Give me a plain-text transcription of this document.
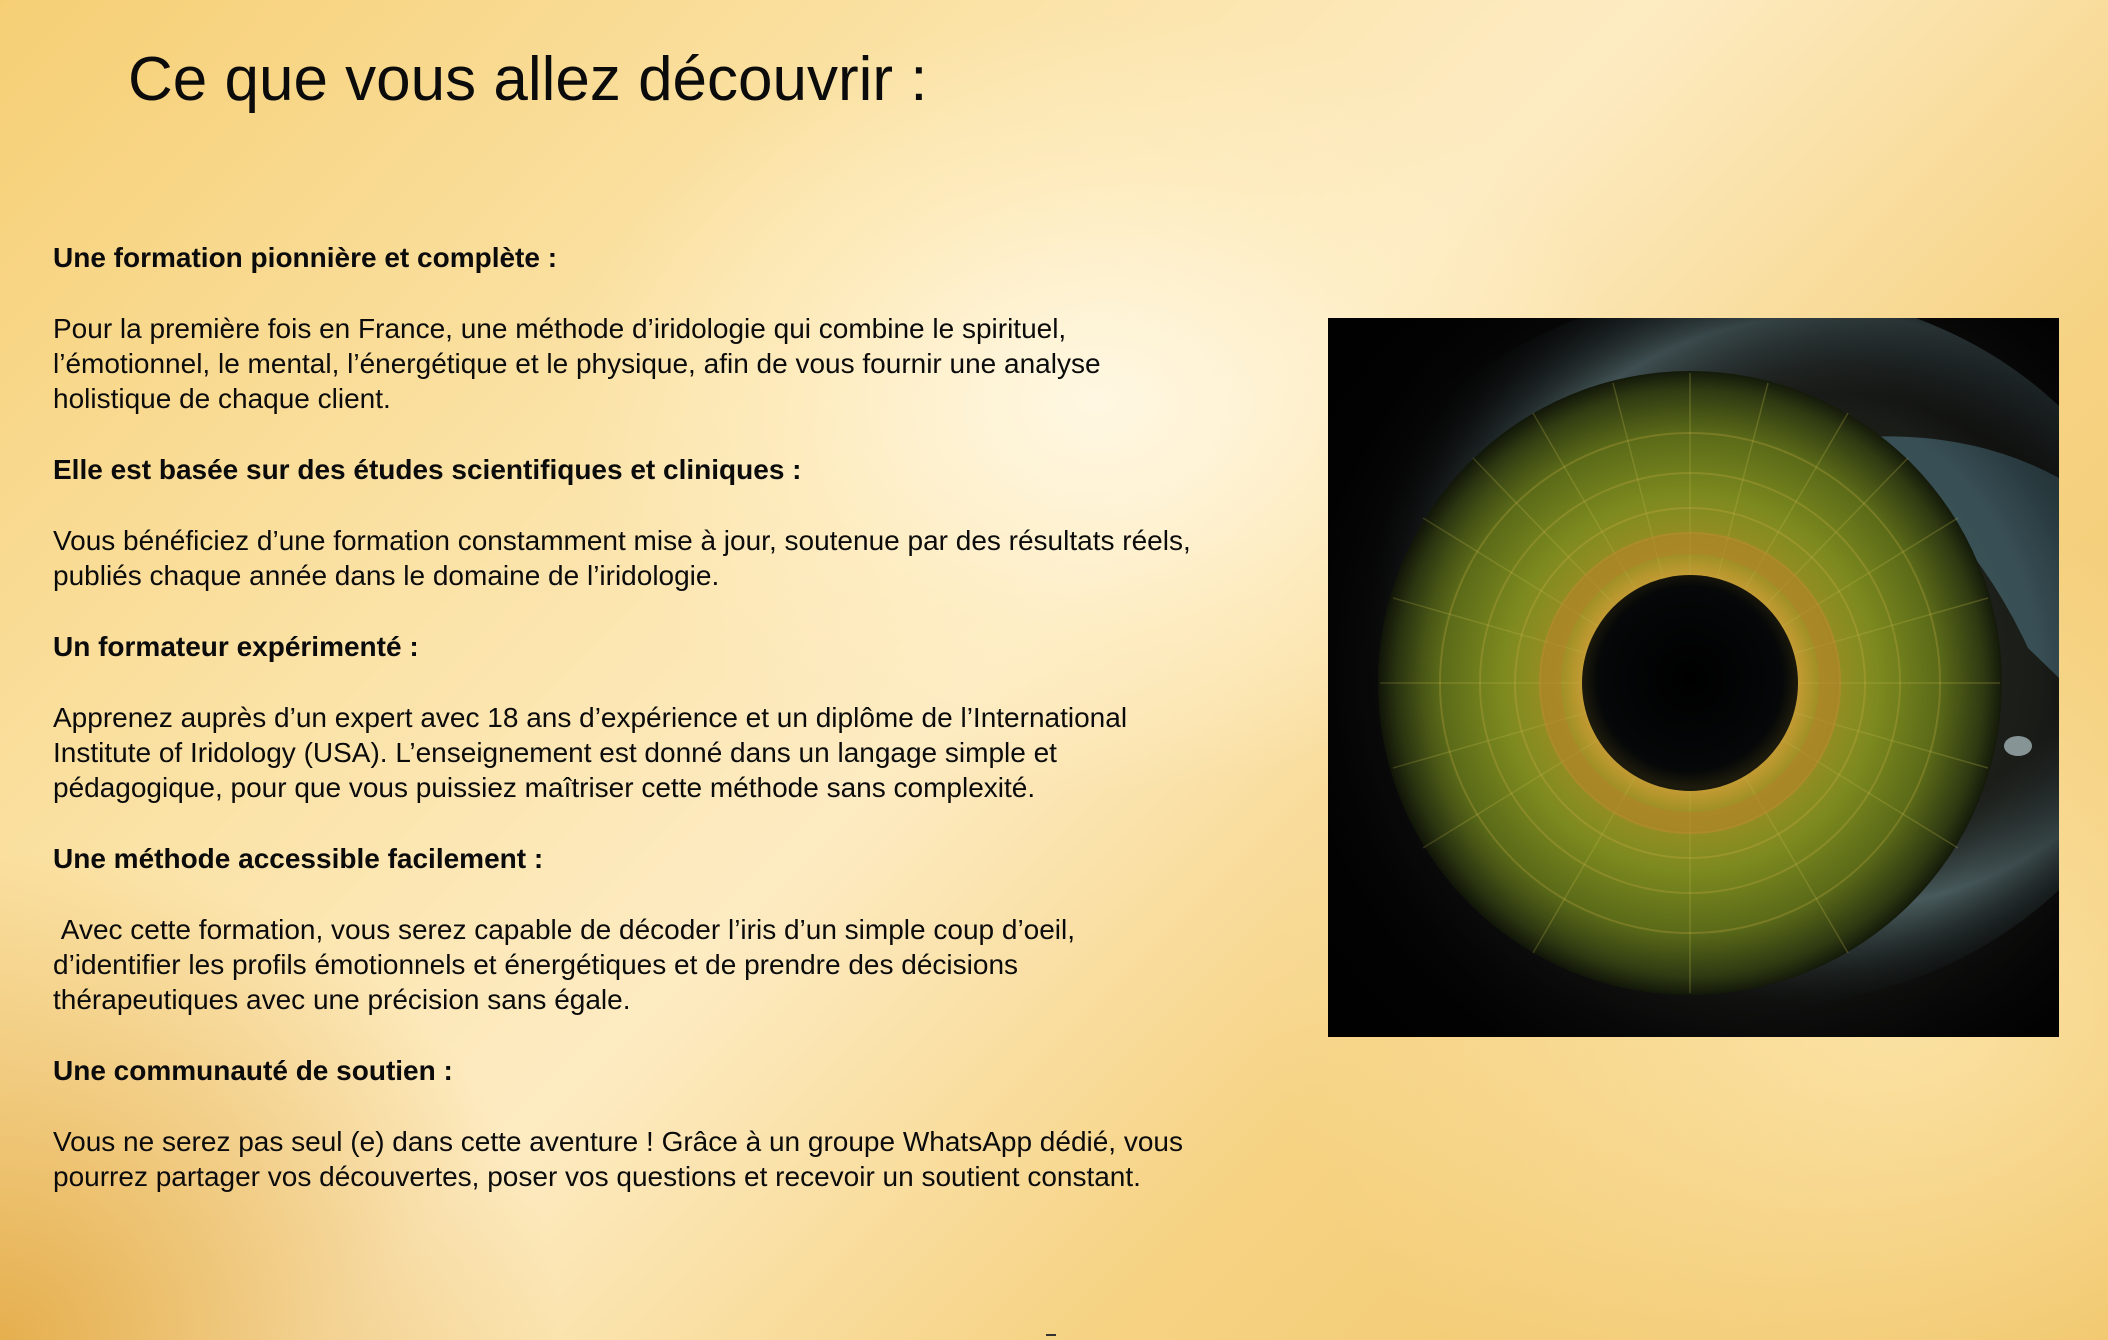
Ce que vous allez découvrir :
Une formation pionnière et complète :

Pour la première fois en France, une méthode d’iridologie qui combine le spirituel,
l’émotionnel, le mental, l’énergétique et le physique, afin de vous fournir une analyse
holistique de chaque client.

Elle est basée sur des études scientifiques et cliniques :

Vous bénéficiez d’une formation constamment mise à jour, soutenue par des résultats réels,
publiés chaque année dans le domaine de l’iridologie.

Un formateur expérimenté :

Apprenez auprès d’un expert avec 18 ans d’expérience et un diplôme de l’International
Institute of Iridology (USA). L’enseignement est donné dans un langage simple et
pédagogique, pour que vous puissiez maîtriser cette méthode sans complexité.

Une méthode accessible facilement :

Avec cette formation, vous serez capable de décoder l’iris d’un simple coup d’oeil,
d’identifier les profils émotionnels et énergétiques et de prendre des décisions
thérapeutiques avec une précision sans égale.

Une communauté de soutien :

Vous ne serez pas seul (e) dans cette aventure ! Grâce à un groupe WhatsApp dédié, vous
pourrez partager vos découvertes, poser vos questions et recevoir un soutient constant.
